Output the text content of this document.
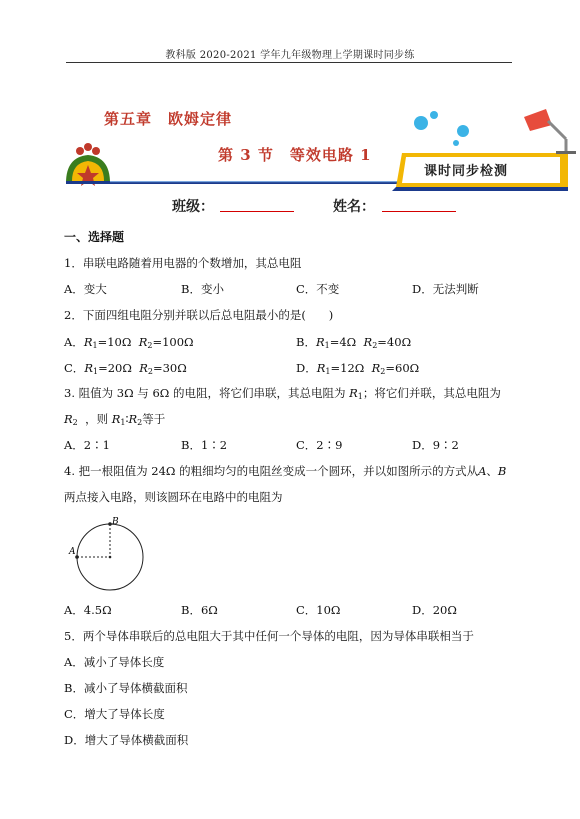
教科版 2020-2021 学年九年级物理上学期课时同步练
第五章　欧姆定律
第 3 节　等效电路 1
课时同步检测
班级：	姓名：
一、选择题
1．串联电路随着用电器的个数增加，其总电阻
A．变大	B．变小	C．不变	D．无法判断
2．下面四组电阻分别并联以后总电阻最小的是(　　)
A．$R_1=10\Omega$ $R_2=100\Omega$	B．$R_1=4\Omega$ $R_2=40\Omega$
C．$R_1=20\Omega$ $R_2=30\Omega$	D．$R_1=12\Omega$ $R_2=60\Omega$
3. 阻值为 3Ω 与 6Ω 的电阻，将它们串联，其总电阻为 $R_1$；将它们并联，其总电阻为
$R_2$ ，则 $R_1∶R_2$等于
A．2∶1	B．1∶2	C．2∶9	D．9∶2
4. 把一根阻值为 24Ω 的粗细均匀的电阻丝变成一个圆环，并以如图所示的方式从A、B
两点接入电路，则该圆环在电路中的电阻为
A
B
A．4.5Ω	B．6Ω	C．10Ω	D．20Ω
5．两个导体串联后的总电阻大于其中任何一个导体的电阻，因为导体串联相当于
A．减小了导体长度
B．减小了导体横截面积
C．增大了导体长度
D．增大了导体横截面积
